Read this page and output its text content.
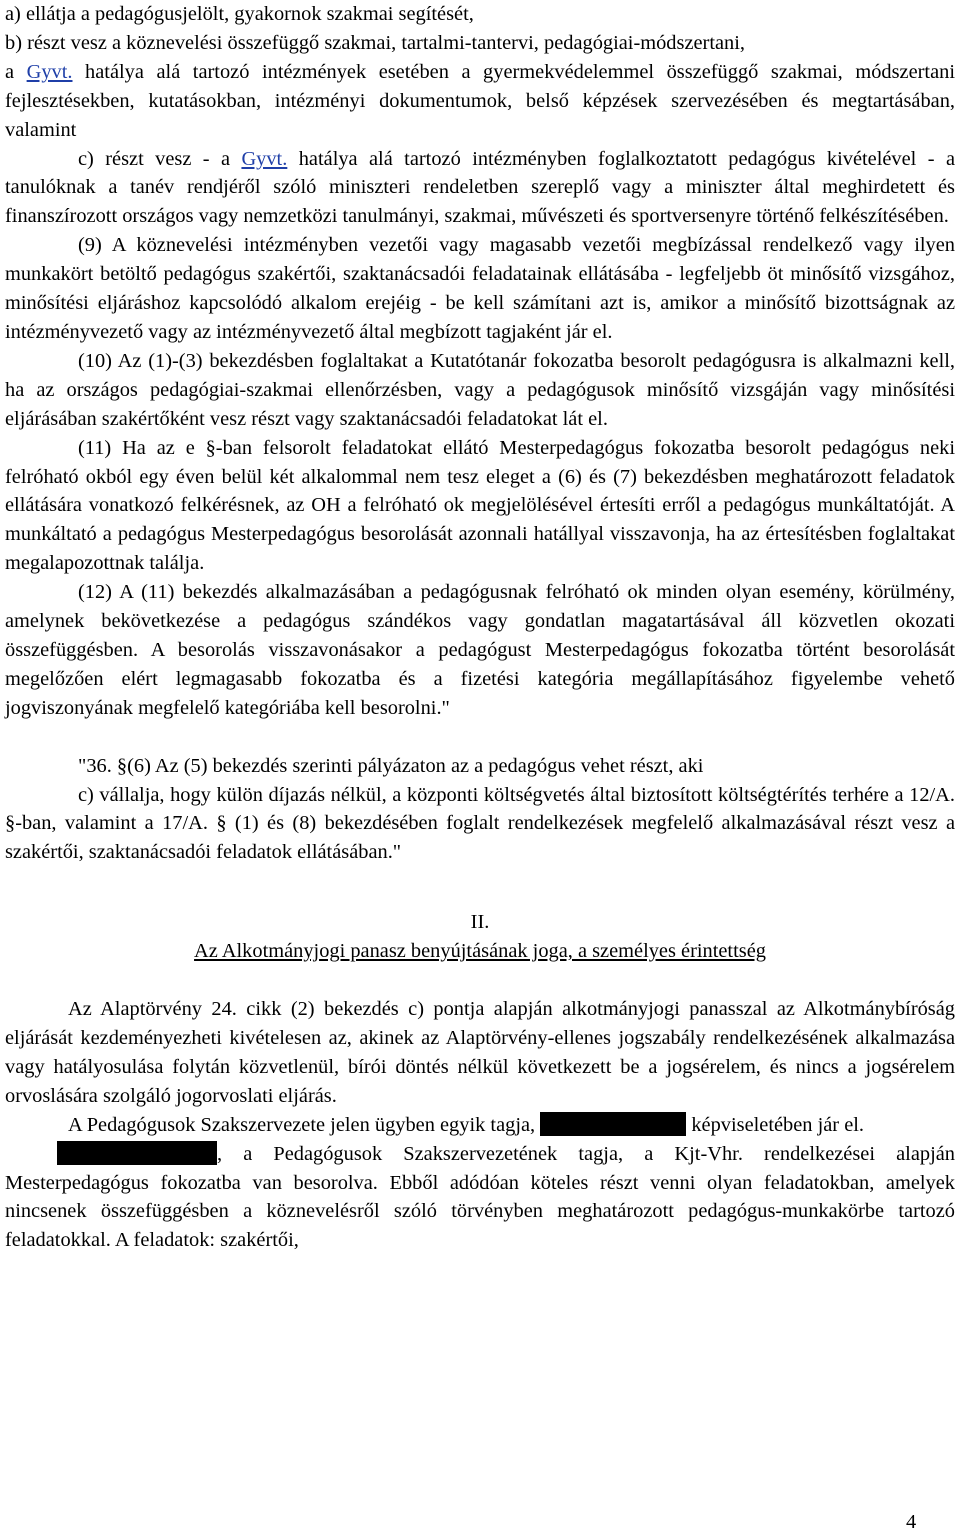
a) ellátja a pedagógusjelölt, gyakornok szakmai segítését,

b) részt vesz a köznevelési összefüggő szakmai, tartalmi-tantervi, pedagógiai-módszertani,

a Gyvt. hatálya alá tartozó intézmények esetében a gyermekvédelemmel összefüggő szakmai, módszertani fejlesztésekben, kutatásokban, intézményi dokumentumok, belső képzések szervezésében és megtartásában, valamint

c) részt vesz - a Gyvt. hatálya alá tartozó intézményben foglalkoztatott pedagógus kivételével - a tanulóknak a tanév rendjéről szóló miniszteri rendeletben szereplő vagy a miniszter által meghirdetett és finanszírozott országos vagy nemzetközi tanulmányi, szakmai, művészeti és sportversenyre történő felkészítésében.

(9) A köznevelési intézményben vezetői vagy magasabb vezetői megbízással rendelkező vagy ilyen munkakört betöltő pedagógus szakértői, szaktanácsadói feladatainak ellátásába - legfeljebb öt minősítő vizsgához, minősítési eljáráshoz kapcsolódó alkalom erejéig - be kell számítani azt is, amikor a minősítő bizottságnak az intézményvezető vagy az intézményvezető által megbízott tagjaként jár el.

(10) Az (1)-(3) bekezdésben foglaltakat a Kutatótanár fokozatba besorolt pedagógusra is alkalmazni kell, ha az országos pedagógiai-szakmai ellenőrzésben, vagy a pedagógusok minősítő vizsgáján vagy minősítési eljárásában szakértőként vesz részt vagy szaktanácsadói feladatokat lát el.

(11) Ha az e §-ban felsorolt feladatokat ellátó Mesterpedagógus fokozatba besorolt pedagógus neki felróható okból egy éven belül két alkalommal nem tesz eleget a (6) és (7) bekezdésben meghatározott feladatok ellátására vonatkozó felkérésnek, az OH a felróható ok megjelölésével értesíti erről a pedagógus munkáltatóját. A munkáltató a pedagógus Mesterpedagógus besorolását azonnali hatállyal visszavonja, ha az értesítésben foglaltakat megalapozottnak találja.

(12) A (11) bekezdés alkalmazásában a pedagógusnak felróható ok minden olyan esemény, körülmény, amelynek bekövetkezése a pedagógus szándékos vagy gondatlan magatartásával áll közvetlen okozati összefüggésben. A besorolás visszavonásakor a pedagógust Mesterpedagógus fokozatba történt besorolását megelőzően elért legmagasabb fokozatba és a fizetési kategória megállapításához figyelembe vehető jogviszonyának megfelelő kategóriába kell besorolni."

"36. §(6) Az (5) bekezdés szerinti pályázaton az a pedagógus vehet részt, aki

c) vállalja, hogy külön díjazás nélkül, a központi költségvetés által biztosított költségtérítés terhére a 12/A. §-ban, valamint a 17/A. § (1) és (8) bekezdésében foglalt rendelkezések megfelelő alkalmazásával részt vesz a szakértői, szaktanácsadói feladatok ellátásában."

II.

Az Alkotmányjogi panasz benyújtásának joga, a személyes érintettség

Az Alaptörvény 24. cikk (2) bekezdés c) pontja alapján alkotmányjogi panasszal az Alkotmánybíróság eljárását kezdeményezheti kivételesen az, akinek az Alaptörvény-ellenes jogszabály rendelkezésének alkalmazása vagy hatályosulása folytán közvetlenül, bírói döntés nélkül következett be a jogsérelem, és nincs a jogsérelem orvoslására szolgáló jogorvoslati eljárás.

A Pedagógusok Szakszervezete jelen ügyben egyik tagja,	képviseletében jár el.

, a Pedagógusok Szakszervezetének tagja, a Kjt-Vhr. rendelkezései alapján Mesterpedagógus fokozatba van besorolva. Ebből adódóan köteles részt venni olyan feladatokban, amelyek nincsenek összefüggésben a köznevelésről szóló törvényben meghatározott pedagógus-munkakörbe tartozó feladatokkal. A feladatok: szakértői,

4
